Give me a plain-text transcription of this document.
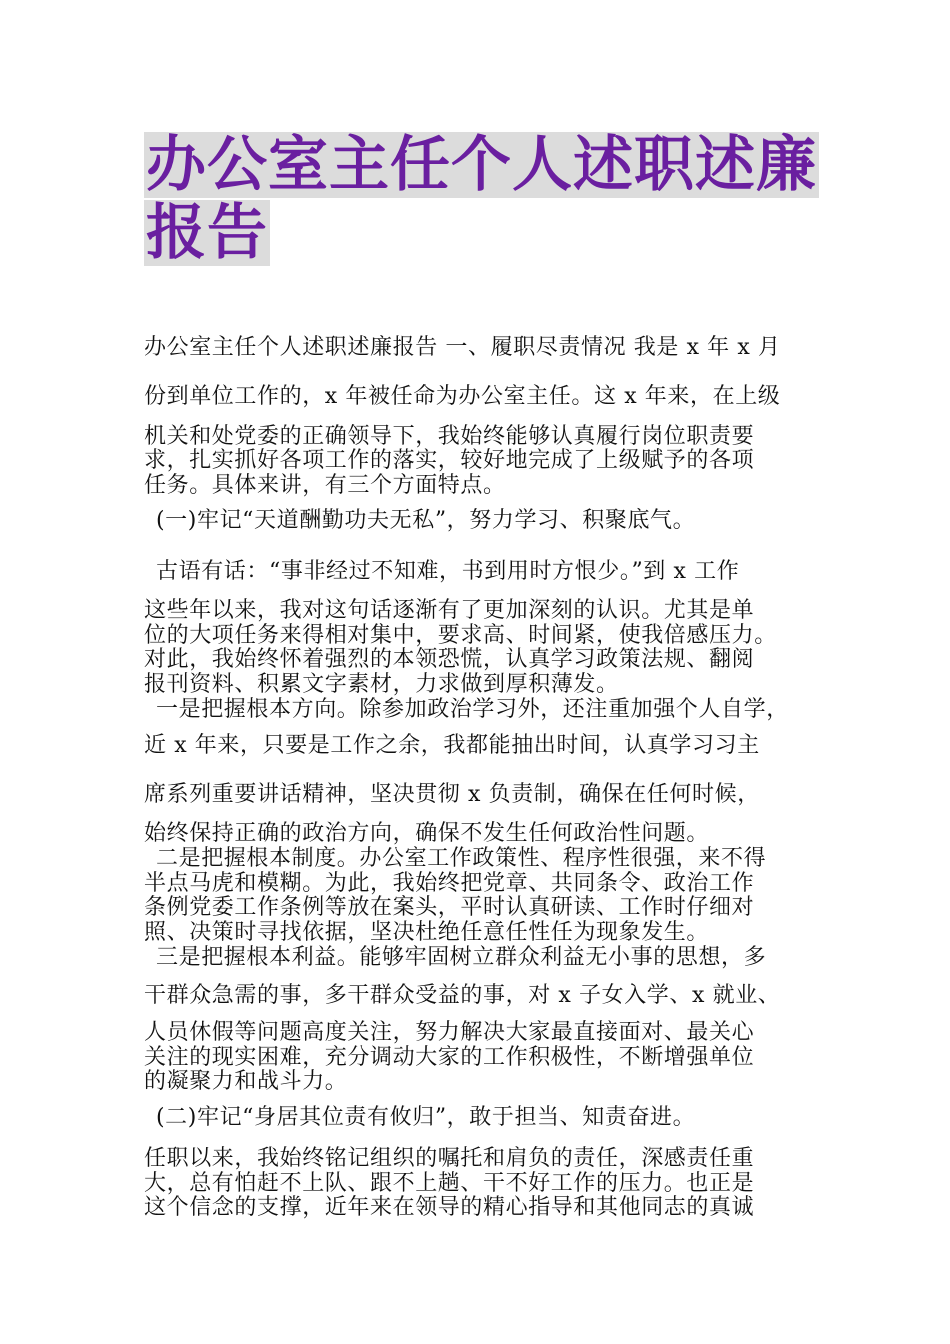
办公室主任个人述职述廉
报告
办公室主任个人述职述廉报告 一、履职尽责情况 我是 x 年 x 月
份到单位工作的，x 年被任命为办公室主任。这 x 年来，在上级
机关和处党委的正确领导下，我始终能够认真履行岗位职责要
求，扎实抓好各项工作的落实，较好地完成了上级赋予的各项
任务。具体来讲，有三个方面特点。
(一)牢记“天道酬勤功夫无私”，努力学习、积聚底气。
古语有话：“事非经过不知难，书到用时方恨少。”到 x 工作
这些年以来，我对这句话逐渐有了更加深刻的认识。尤其是单
位的大项任务来得相对集中，要求高、时间紧，使我倍感压力。
对此，我始终怀着强烈的本领恐慌，认真学习政策法规、翻阅
报刊资料、积累文字素材，力求做到厚积薄发。
一是把握根本方向。除参加政治学习外，还注重加强个人自学，
近 x 年来，只要是工作之余，我都能抽出时间，认真学习习主
席系列重要讲话精神，坚决贯彻 x 负责制，确保在任何时候，
始终保持正确的政治方向，确保不发生任何政治性问题。
二是把握根本制度。办公室工作政策性、程序性很强，来不得
半点马虎和模糊。为此，我始终把党章、共同条令、政治工作
条例党委工作条例等放在案头，平时认真研读、工作时仔细对
照、决策时寻找依据，坚决杜绝任意任性任为现象发生。
三是把握根本利益。能够牢固树立群众利益无小事的思想，多
干群众急需的事，多干群众受益的事，对 x 子女入学、x 就业、
人员休假等问题高度关注，努力解决大家最直接面对、最关心
关注的现实困难，充分调动大家的工作积极性，不断增强单位
的凝聚力和战斗力。
(二)牢记“身居其位责有攸归”，敢于担当、知责奋进。
任职以来，我始终铭记组织的嘱托和肩负的责任，深感责任重
大，总有怕赶不上队、跟不上趟、干不好工作的压力。也正是
这个信念的支撑，近年来在领导的精心指导和其他同志的真诚
